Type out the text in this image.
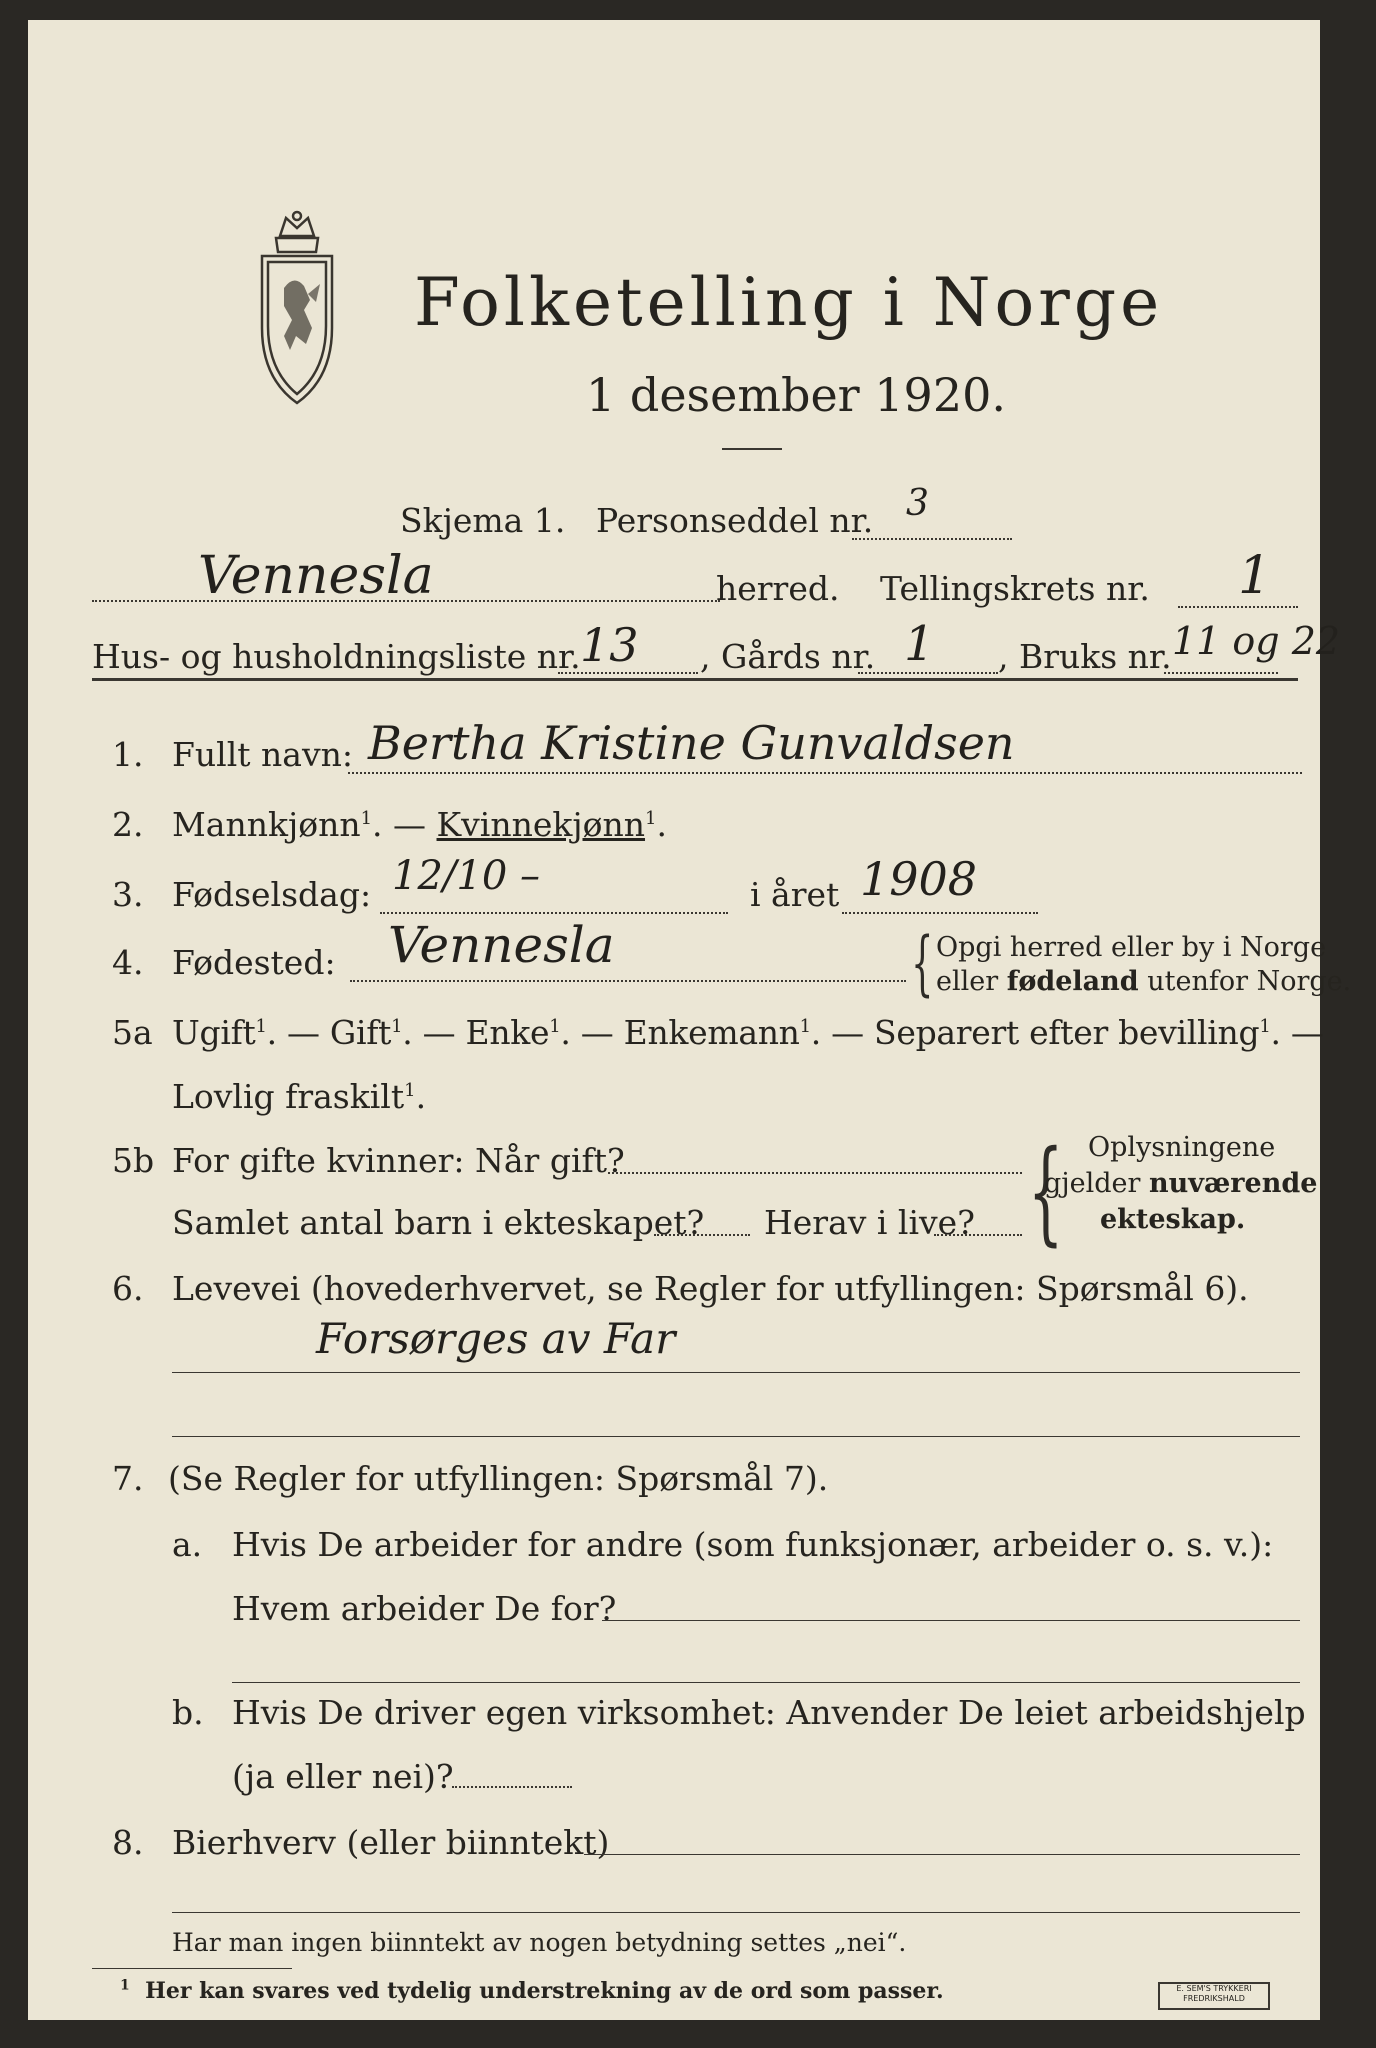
Folketelling i Norge
1 desember 1920.
Skjema 1. Personseddel nr. 3
Vennesla	herred. Tellingskrets nr. 1
Hus- og husholdningsliste nr. 13 , Gårds nr. 1 , Bruks nr. 11 og 22
1. Fullt navn: Bertha Kristine Gunvaldsen
2. Mannkjønn$^1$. — Kvinnekjønn$^1$.
3. Fødselsdag: 12/10 –	i året 1908
4. Fødested: Vennesla	{ Opgi herred eller by i Norge
eller fødeland utenfor Norge.
5a Ugift$^1$. — Gift$^1$. — Enke$^1$. — Enkemann$^1$. — Separert efter bevilling$^1$. —
Lovlig fraskilt$^1$.
5b For gifte kvinner: Når gift?
Samlet antal barn i ekteskapet? Herav i live? { Oplysningene
gjelder nuværende
ekteskap.
6. Levevei (hovederhvervet, se Regler for utfyllingen: Spørsmål 6).
Forsørges av Far
7. (Se Regler for utfyllingen: Spørsmål 7).
a. Hvis De arbeider for andre (som funksjonær, arbeider o. s. v.):
Hvem arbeider De for?
b. Hvis De driver egen virksomhet: Anvender De leiet arbeidshjelp
(ja eller nei)?
8. Bierhverv (eller biinntekt)
Har man ingen biinntekt av nogen betydning settes „nei“.
$^1$ Her kan svares ved tydelig understrekning av de ord som passer.	E. SEM'S TRYKKERI
FREDRIKSHALD
